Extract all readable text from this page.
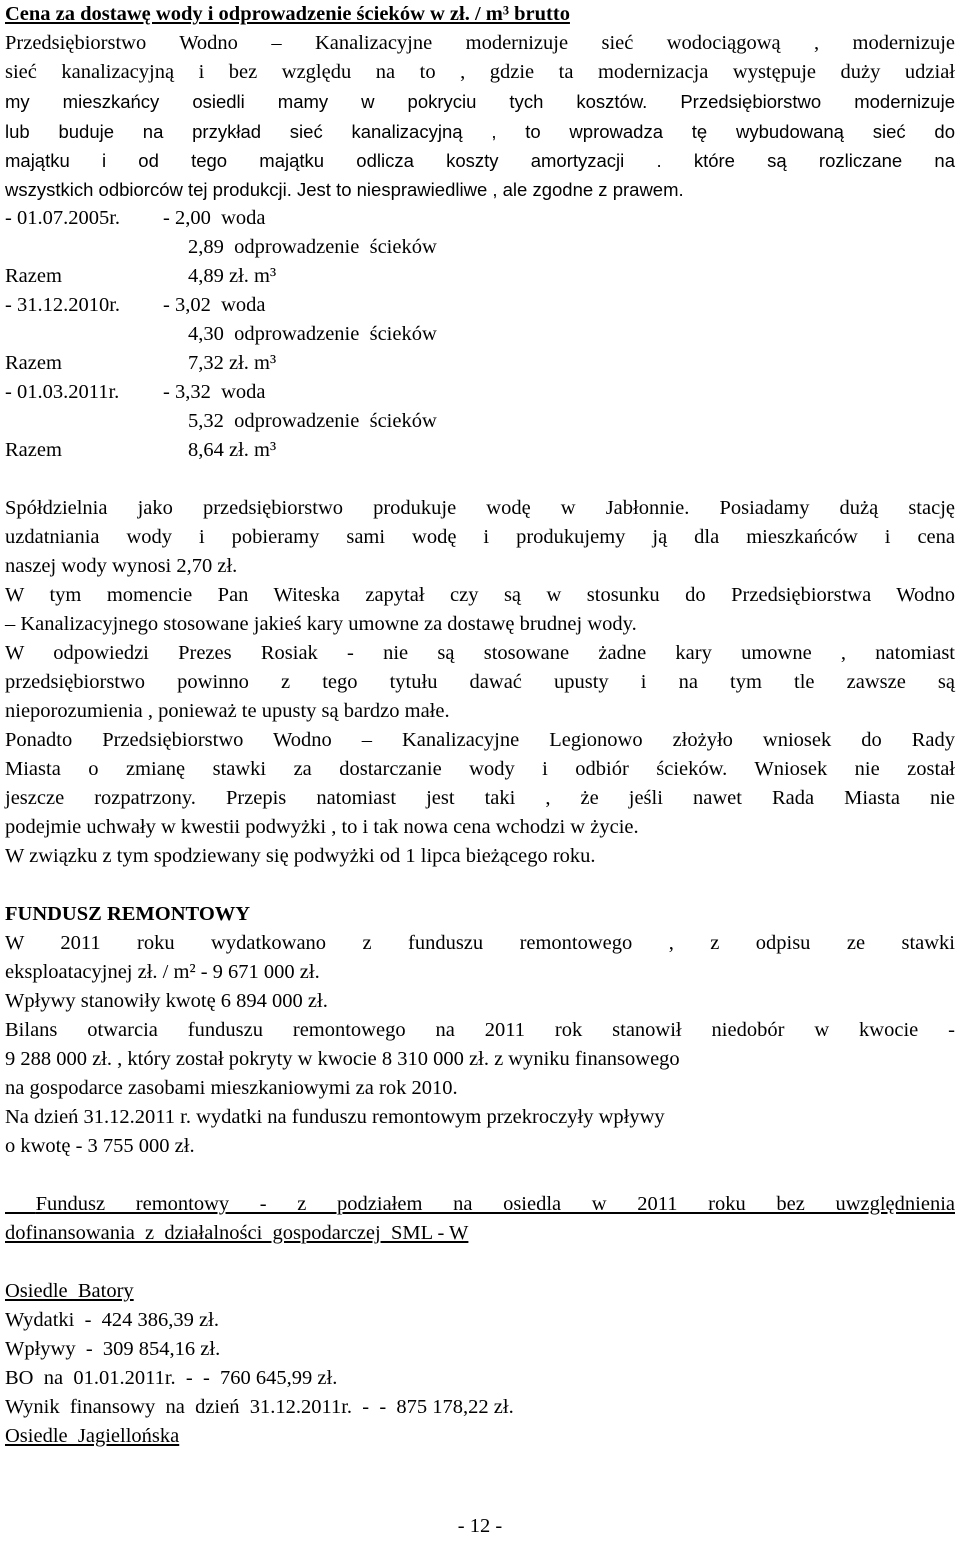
Cena za dostawę wody i odprowadzenie ścieków w zł. / m³ brutto

Przedsiębiorstwo Wodno – Kanalizacyjne modernizuje sieć wodociągową , modernizuje

sieć kanalizacyjną i bez względu na to , gdzie ta modernizacja występuje duży udział

my mieszkańcy osiedli mamy w pokryciu tych kosztów. Przedsiębiorstwo modernizuje

lub buduje na przykład sieć kanalizacyjną , to wprowadza tę wybudowaną sieć do

majątku i od tego majątku odlicza koszty amortyzacji . które są rozliczane na

wszystkich odbiorców tej produkcji. Jest to niesprawiedliwe , ale zgodne z prawem.

- 01.07.2005r. - 2,00  woda
2,89  odprowadzenie  ścieków
Razem	4,89 zł. m³
- 31.12.2010r. - 3,02  woda
4,30  odprowadzenie  ścieków
Razem	7,32 zł. m³
- 01.03.2011r. - 3,32  woda
5,32  odprowadzenie  ścieków
Razem	8,64 zł. m³

Spółdzielnia jako przedsiębiorstwo produkuje wodę w Jabłonnie. Posiadamy dużą stację

uzdatniania wody i pobieramy sami wodę i produkujemy ją dla mieszkańców i cena

naszej wody wynosi 2,70 zł.

W tym momencie Pan Witeska zapytał czy są w stosunku do Przedsiębiorstwa Wodno

– Kanalizacyjnego stosowane jakieś kary umowne za dostawę brudnej wody.

W odpowiedzi Prezes Rosiak - nie są stosowane żadne kary umowne , natomiast

przedsiębiorstwo powinno z tego tytułu dawać upusty i na tym tle zawsze są

nieporozumienia , ponieważ te upusty są bardzo małe.

Ponadto Przedsiębiorstwo Wodno – Kanalizacyjne Legionowo złożyło wniosek do Rady

Miasta o zmianę stawki za dostarczanie wody i odbiór ścieków. Wniosek nie został

jeszcze rozpatrzony. Przepis natomiast jest taki , że jeśli nawet Rada Miasta nie

podejmie uchwały w kwestii podwyżki , to i tak nowa cena wchodzi w życie.

W związku z tym spodziewany się podwyżki od 1 lipca bieżącego roku.

FUNDUSZ REMONTOWY

W 2011 roku wydatkowano z funduszu remontowego , z odpisu ze stawki

eksploatacyjnej zł. / m² - 9 671 000 zł.

Wpływy stanowiły kwotę 6 894 000 zł.

Bilans otwarcia funduszu remontowego na 2011 rok stanowił niedobór w kwocie -

9 288 000 zł. , który został pokryty w kwocie 8 310 000 zł. z wyniku finansowego

na gospodarce zasobami mieszkaniowymi za rok 2010.

Na dzień 31.12.2011 r. wydatki na funduszu remontowym przekroczyły wpływy

o kwotę - 3 755 000 zł.

Fundusz remontowy - z podziałem na osiedla w 2011 roku bez uwzględnienia

dofinansowania  z  działalności  gospodarczej  SML - W

Osiedle  Batory

Wydatki  -  424 386,39 zł.

Wpływy  -  309 854,16 zł.

BO  na  01.01.2011r.  -  -  760 645,99 zł.

Wynik  finansowy  na  dzień  31.12.2011r.  -  -  875 178,22 zł.

Osiedle  Jagiellońska

- 12 -
